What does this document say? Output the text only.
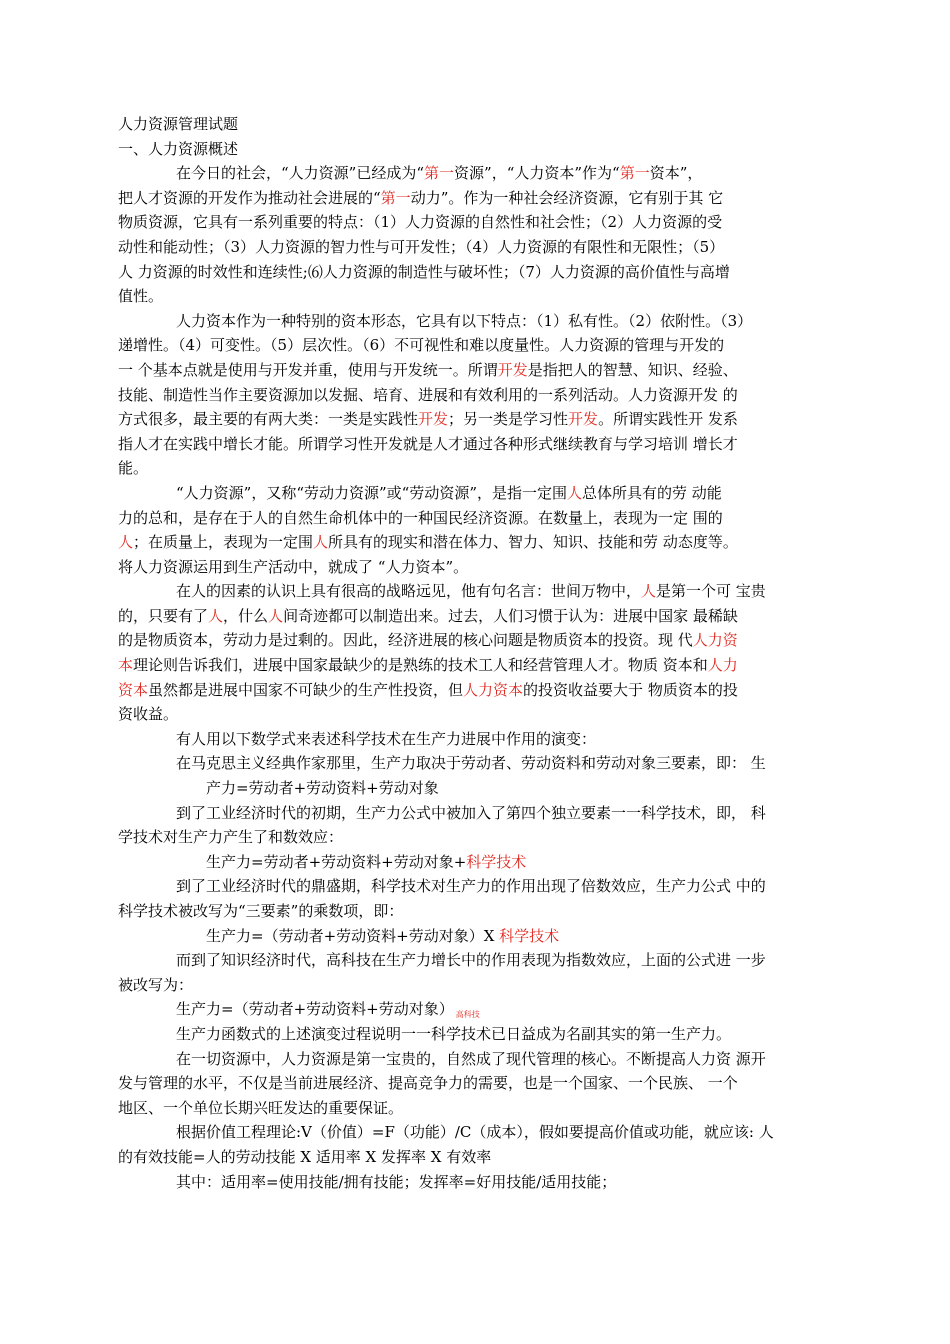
人力资源管理试题
一、人力资源概述
在今日的社会，“人力资源”已经成为“第一资源”，“人力资本”作为“第一资本”，
把人才资源的开发作为推动社会进展的“第一动力”。作为一种社会经济资源，它有别于其 它
物质资源，它具有一系列重要的特点：（1）人力资源的自然性和社会性；（2）人力资源的受
动性和能动性；（3）人力资源的智力性与可开发性；（4）人力资源的有限性和无限性；（5）
人 力资源的时效性和连续性;⑹人力资源的制造性与破坏性；（7）人力资源的高价值性与高增
值性。
人力资本作为一种特别的资本形态，它具有以下特点：（1）私有性。（2）依附性。（3）
递增性。（4）可变性。（5）层次性。（6）不可视性和难以度量性。人力资源的管理与开发的
一 个基本点就是使用与开发并重，使用与开发统一。所谓开发是指把人的智慧、知识、经验、
技能、制造性当作主要资源加以发掘、培育、进展和有效利用的一系列活动。人力资源开发 的
方式很多，最主要的有两大类：一类是实践性开发；另一类是学习性开发。所谓实践性开 发系
指人才在实践中增长才能。所谓学习性开发就是人才通过各种形式继续教育与学习培训 增长才
能。
“人力资源”，又称“劳动力资源”或“劳动资源”，是指一定围人总体所具有的劳 动能
力的总和，是存在于人的自然生命机体中的一种国民经济资源。在数量上，表现为一定 围的
人；在质量上，表现为一定围人所具有的现实和潜在体力、智力、知识、技能和劳 动态度等。
将人力资源运用到生产活动中，就成了 “人力资本”。
在人的因素的认识上具有很高的战略远见，他有句名言：世间万物中，人是第一个可 宝贵
的，只要有了人，什么人间奇迹都可以制造出来。过去，人们习惯于认为：进展中国家 最稀缺
的是物质资本，劳动力是过剩的。因此，经济进展的核心问题是物质资本的投资。现 代人力资
本理论则告诉我们，进展中国家最缺少的是熟练的技术工人和经营管理人才。物质 资本和人力
资本虽然都是进展中国家不可缺少的生产性投资，但人力资本的投资收益要大于 物质资本的投
资收益。
有人用以下数学式来表述科学技术在生产力进展中作用的演变：
在马克思主义经典作家那里，生产力取决于劳动者、劳动资料和劳动对象三要素，即： 生
产力=劳动者+劳动资料+劳动对象
到了工业经济时代的初期，生产力公式中被加入了第四个独立要素一一科学技术，即， 科
学技术对生产力产生了和数效应：
生产力=劳动者+劳动资料+劳动对象+科学技术
到了工业经济时代的鼎盛期，科学技术对生产力的作用出现了倍数效应，生产力公式 中的
科学技术被改写为“三要素”的乘数项，即：
生产力=（劳动者+劳动资料+劳动对象）X 科学技术
而到了知识经济时代，高科技在生产力增长中的作用表现为指数效应，上面的公式进 一步
被改写为：
生产力=（劳动者+劳动资料+劳动对象） $_{高科技}$
生产力函数式的上述演变过程说明一一科学技术已日益成为名副其实的第一生产力。
在一切资源中，人力资源是第一宝贵的，自然成了现代管理的核心。不断提高人力资 源开
发与管理的水平，不仅是当前进展经济、提高竞争力的需要，也是一个国家、一个民族、 一个
地区、一个单位长期兴旺发达的重要保证。
根据价值工程理论:V（价值）=F（功能）/C（成本），假如要提高价值或功能，就应该: 人
的有效技能=人的劳动技能 X 适用率 X 发挥率 X 有效率
其中：适用率=使用技能/拥有技能；发挥率=好用技能/适用技能；
